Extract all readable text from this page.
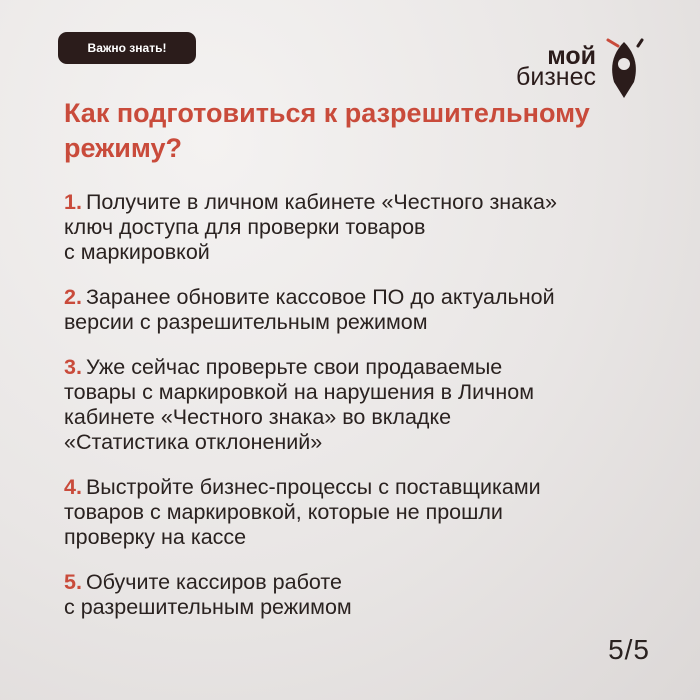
Важно знать!	мой
бизнес
Как подготовиться к разрешительному режиму?

1. Получите в личном кабинете «Честного знака»
ключ доступа для проверки товаров
с маркировкой

2. Заранее обновите кассовое ПО до актуальной
версии с разрешительным режимом

3. Уже сейчас проверьте свои продаваемые
товары с маркировкой на нарушения в Личном
кабинете «Честного знака» во вкладке
«Статистика отклонений»

4. Выстройте бизнес-процессы с поставщиками
товаров с маркировкой, которые не прошли
проверку на кассе

5. Обучите кассиров работе
с разрешительным режимом

5/5
